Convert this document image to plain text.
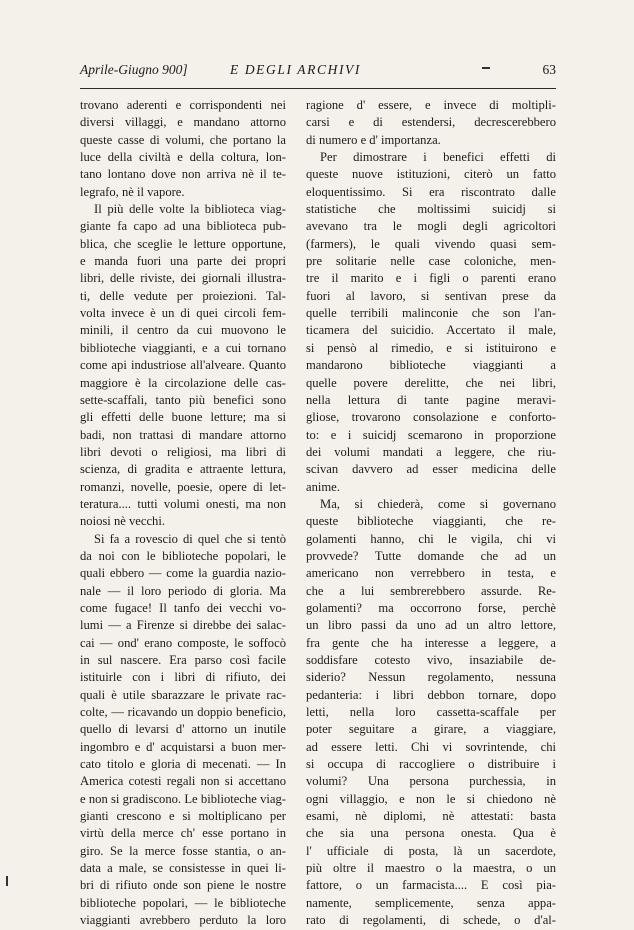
Aprile-Giugno 900]	E DEGLI ARCHIVI	63
trovano aderenti e corrispondenti nei
diversi villaggi, e mandano attorno
queste casse di volumi, che portano la
luce della civiltà e della coltura, lon-
tano lontano dove non arriva nè il te-
legrafo, nè il vapore.
Il più delle volte la biblioteca viag-
giante fa capo ad una biblioteca pub-
blica, che sceglie le letture opportune,
e manda fuori una parte dei propri
libri, delle riviste, dei giornali illustra-
ti, delle vedute per proiezioni. Tal-
volta invece è un di quei circoli fem-
minili, il centro da cui muovono le
biblioteche viaggianti, e a cui tornano
come api industriose all'alveare. Quanto
maggiore è la circolazione delle cas-
sette-scaffali, tanto più benefici sono
gli effetti delle buone letture; ma si
badi, non trattasi di mandare attorno
libri devoti o religiosi, ma libri di
scienza, di gradita e attraente lettura,
romanzi, novelle, poesie, opere di let-
teratura.... tutti volumi onesti, ma non
noiosi nè vecchi.
Si fa a rovescio di quel che si tentò
da noi con le biblioteche popolari, le
quali ebbero — come la guardia nazio-
nale — il loro periodo di gloria. Ma
come fugace! Il tanfo dei vecchi vo-
lumi — a Firenze si direbbe dei salac-
cai — ond' erano composte, le soffocò
in sul nascere. Era parso così facile
istituirle con i libri di rifiuto, dei
quali è utile sbarazzare le private rac-
colte, — ricavando un doppio beneficio,
quello di levarsi d' attorno un inutile
ingombro e d' acquistarsi a buon mer-
cato titolo e gloria di mecenati. — In
America cotesti regali non si accettano
e non si gradiscono. Le biblioteche viag-
gianti crescono e si moltiplicano per
virtù della merce ch' esse portano in
giro. Se la merce fosse stantia, o an-
data a male, se consistesse in quei li-
bri di rifiuto onde son piene le nostre
biblioteche popolari, — le biblioteche
viaggianti avrebbero perduto la loro
ragione d' essere, e invece di moltipli-
carsi e di estendersi, decrescerebbero
di numero e d' importanza.
Per dimostrare i benefici effetti di
queste nuove istituzioni, citerò un fatto
eloquentissimo. Si era riscontrato dalle
statistiche che moltissimi suicidj si
avevano tra le mogli degli agricoltori
(farmers), le quali vivendo quasi sem-
pre solitarie nelle case coloniche, men-
tre il marito e i figli o parenti erano
fuori al lavoro, si sentivan prese da
quelle terribili malinconie che son l'an-
ticamera del suicidio. Accertato il male,
si pensò al rimedio, e si istituirono e
mandarono biblioteche viaggianti a
quelle povere derelitte, che nei libri,
nella lettura di tante pagine meravi-
gliose, trovarono consolazione e conforto-
to: e i suicidj scemarono in proporzione
dei volumi mandati a leggere, che riu-
scivan davvero ad esser medicina delle
anime.
Ma, si chiederà, come si governano
queste biblioteche viaggianti, che re-
golamenti hanno, chi le vigila, chi vi
provvede? Tutte domande che ad un
americano non verrebbero in testa, e
che a lui sembrerebbero assurde. Re-
golamenti? ma occorrono forse, perchè
un libro passi da uno ad un altro lettore,
fra gente che ha interesse a leggere, a
soddisfare cotesto vivo, insaziabile de-
siderio? Nessun regolamento, nessuna
pedanteria: i libri debbon tornare, dopo
letti, nella loro cassetta-scaffale per
poter seguitare a girare, a viaggiare,
ad essere letti. Chi vi sovrintende, chi
si occupa di raccogliere o distribuire i
volumi? Una persona purchessia, in
ogni villaggio, e non le si chiedono nè
esami, nè diplomi, nè attestati: basta
che sia una persona onesta. Qua è
l' ufficiale di posta, là un sacerdote,
più oltre il maestro o la maestra, o un
fattore, o un farmacista.... E così pia-
namente, semplicemente, senza appa-
rato di regolamenti, di schede, o d'al-
